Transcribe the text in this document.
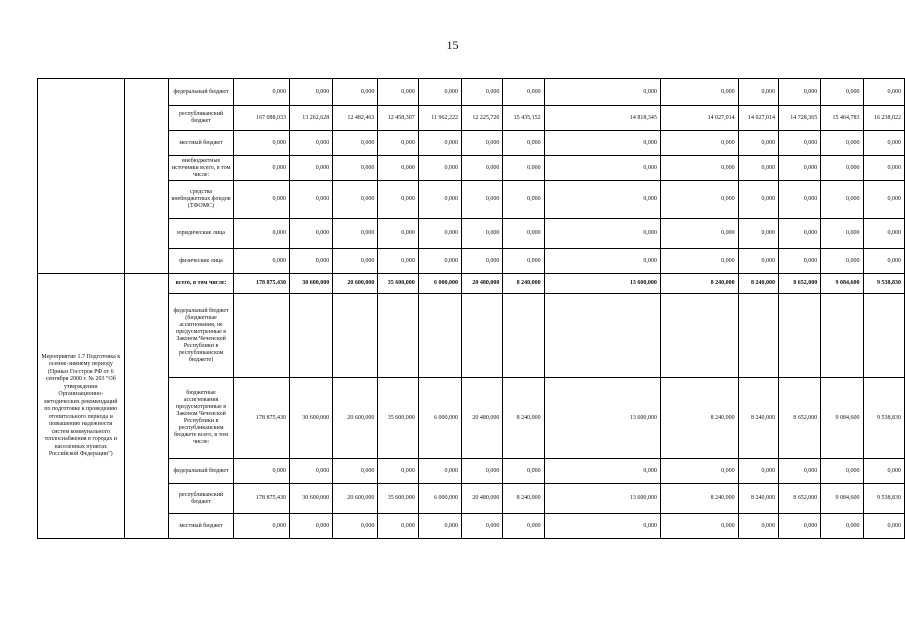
15
		федеральный бюджет	0,000	0,000	0,000	0,000	0,000	0,000	0,000	0,000	0,000	0,000	0,000	0,000	0,000
		республиканский бюджет	167 088,033	13 262,628	12 482,463	12 458,307	11 962,222	12 225,720	15 435,152	14 818,345	14 027,014	14 027,014	14 728,365	15 464,783	16 238,022
		местный бюджет	0,000	0,000	0,000	0,000	0,000	0,000	0,000	0,000	0,000	0,000	0,000	0,000	0,000
		внебюджетные источники всего, в том числе:	0,000	0,000	0,000	0,000	0,000	0,000	0,000	0,000	0,000	0,000	0,000	0,000	0,000
		средства внебюджетных фондов (ТФОМС)	0,000	0,000	0,000	0,000	0,000	0,000	0,000	0,000	0,000	0,000	0,000	0,000	0,000
		юридические лица	0,000	0,000	0,000	0,000	0,000	0,000	0,000	0,000	0,000	0,000	0,000	0,000	0,000
		физические лица	0,000	0,000	0,000	0,000	0,000	0,000	0,000	0,000	0,000	0,000	0,000	0,000	0,000
Мероприятие 1.7 Подготовка к осенне-зимнему периоду (Приказ Госстроя РФ от 6 сентября 2000 г. № 203 "Об утверждении Организационно-методических рекомендаций по подготовке к проведению отопительного периода и повышению надежности систем коммунального теплоснабжения в городах и населенных пунктах Российской Федерации")		всего, в том числе:	178 875,430	30 600,000	20 600,000	35 600,000	6 000,000	20 480,000	8 240,000	13 600,000	8 240,000	8 240,000	8 652,000	9 084,600	9 538,830
		федеральный бюджет (бюджетные ассигнования, не предусмотренные в Законом Чеченской Республики в республиканском бюджете)													
		бюджетные ассигнования предусмотренные в Законом Чеченской Республики в республиканским бюджете всего, в том числе:	178 875,430	30 600,000	20 600,000	35 600,000	6 000,000	20 480,000	8 240,000	13 600,000	8 240,000	8 240,000	8 652,000	9 084,600	9 538,830
		федеральный бюджет	0,000	0,000	0,000	0,000	0,000	0,000	0,000	0,000	0,000	0,000	0,000	0,000	0,000
		республиканский бюджет	178 875,430	30 600,000	20 600,000	35 600,000	6 000,000	20 480,000	8 240,000	13 600,000	8 240,000	8 240,000	8 652,000	9 084,600	9 538,830
		местный бюджет	0,000	0,000	0,000	0,000	0,000	0,000	0,000	0,000	0,000	0,000	0,000	0,000	0,000
